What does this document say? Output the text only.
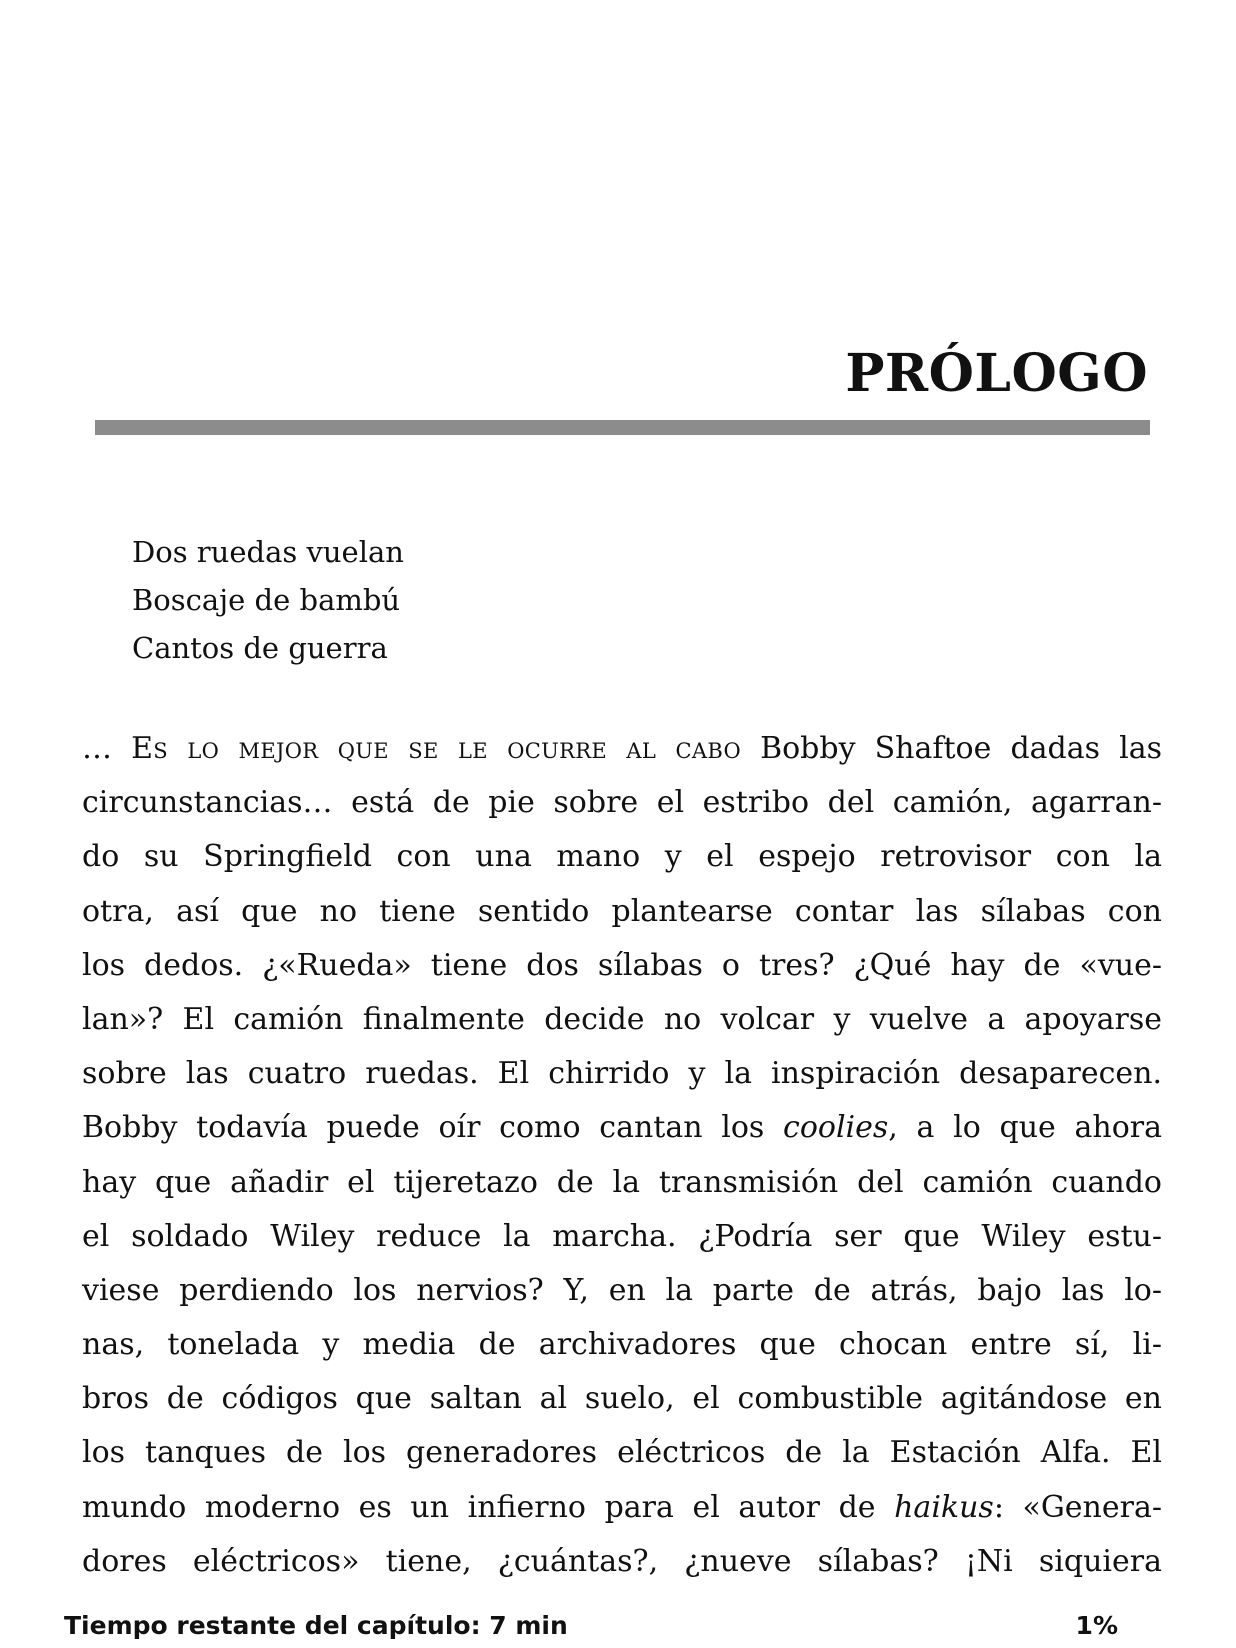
PRÓLOGO
Dos ruedas vuelan
Boscaje de bambú
Cantos de guerra
… Es lo mejor que se le ocurre al cabo Bobby Shaftoe dadas las
circunstancias… está de pie sobre el estribo del camión, agarran-
do su Springfield con una mano y el espejo retrovisor con la
otra, así que no tiene sentido plantearse contar las sílabas con
los dedos. ¿«Rueda» tiene dos sílabas o tres? ¿Qué hay de «vue-
lan»? El camión finalmente decide no volcar y vuelve a apoyarse
sobre las cuatro ruedas. El chirrido y la inspiración desaparecen.
Bobby todavía puede oír como cantan los coolies, a lo que ahora
hay que añadir el tijeretazo de la transmisión del camión cuando
el soldado Wiley reduce la marcha. ¿Podría ser que Wiley estu-
viese perdiendo los nervios? Y, en la parte de atrás, bajo las lo-
nas, tonelada y media de archivadores que chocan entre sí, li-
bros de códigos que saltan al suelo, el combustible agitándose en
los tanques de los generadores eléctricos de la Estación Alfa. El
mundo moderno es un infierno para el autor de haikus: «Genera-
dores eléctricos» tiene, ¿cuántas?, ¿nueve sílabas? ¡Ni siquiera
Tiempo restante del capítulo: 7 min	1%
